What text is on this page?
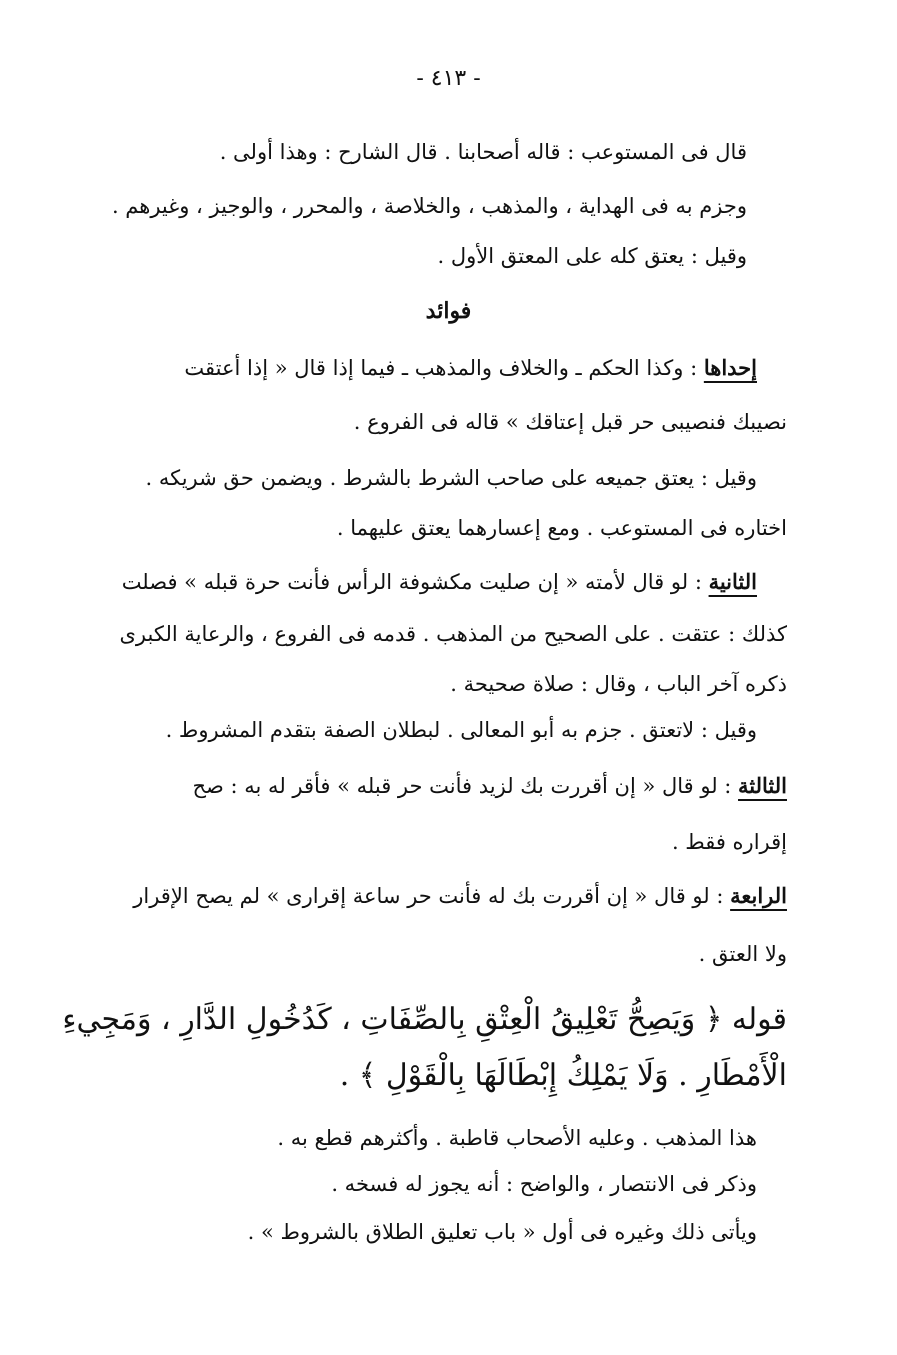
- ٤١٣ -
قال فى المستوعب : قاله أصحابنا . قال الشارح : وهذا أولى .
وجزم به فى الهداية ، والمذهب ، والخلاصة ، والمحرر ، والوجيز ، وغيرهم .
وقيل : يعتق كله على المعتق الأول .
فوائد
إحداها : وكذا الحكم ـ والخلاف والمذهب ـ فيما إذا قال « إذا أعتقت
نصيبك فنصيبى حر قبل إعتاقك » قاله فى الفروع .
وقيل : يعتق جميعه على صاحب الشرط بالشرط . ويضمن حق شريكه .
اختاره فى المستوعب . ومع إعسارهما يعتق عليهما .
الثانية : لو قال لأمته « إن صليت مكشوفة الرأس فأنت حرة قبله » فصلت
كذلك : عتقت . على الصحيح من المذهب . قدمه فى الفروع ، والرعاية الكبرى
ذكره آخر الباب ، وقال : صلاة صحيحة .
وقيل : لاتعتق . جزم به أبو المعالى . لبطلان الصفة بتقدم المشروط .
الثالثة : لو قال « إن أقررت بك لزيد فأنت حر قبله » فأقر له به : صح
إقراره فقط .
الرابعة : لو قال « إن أقررت بك له فأنت حر ساعة إقرارى » لم يصح الإقرار
ولا العتق .
قوله ﴿ وَيَصِحُّ تَعْلِيقُ الْعِتْقِ بِالصِّفَاتِ ، كَدُخُولِ الدَّارِ ، وَمَجِيءِ
الْأَمْطَارِ . وَلَا يَمْلِكُ إِبْطَالَهَا بِالْقَوْلِ ﴾ .
هذا المذهب . وعليه الأصحاب قاطبة . وأكثرهم قطع به .
وذكر فى الانتصار ، والواضح : أنه يجوز له فسخه .
ويأتى ذلك وغيره فى أول « باب تعليق الطلاق بالشروط » .
